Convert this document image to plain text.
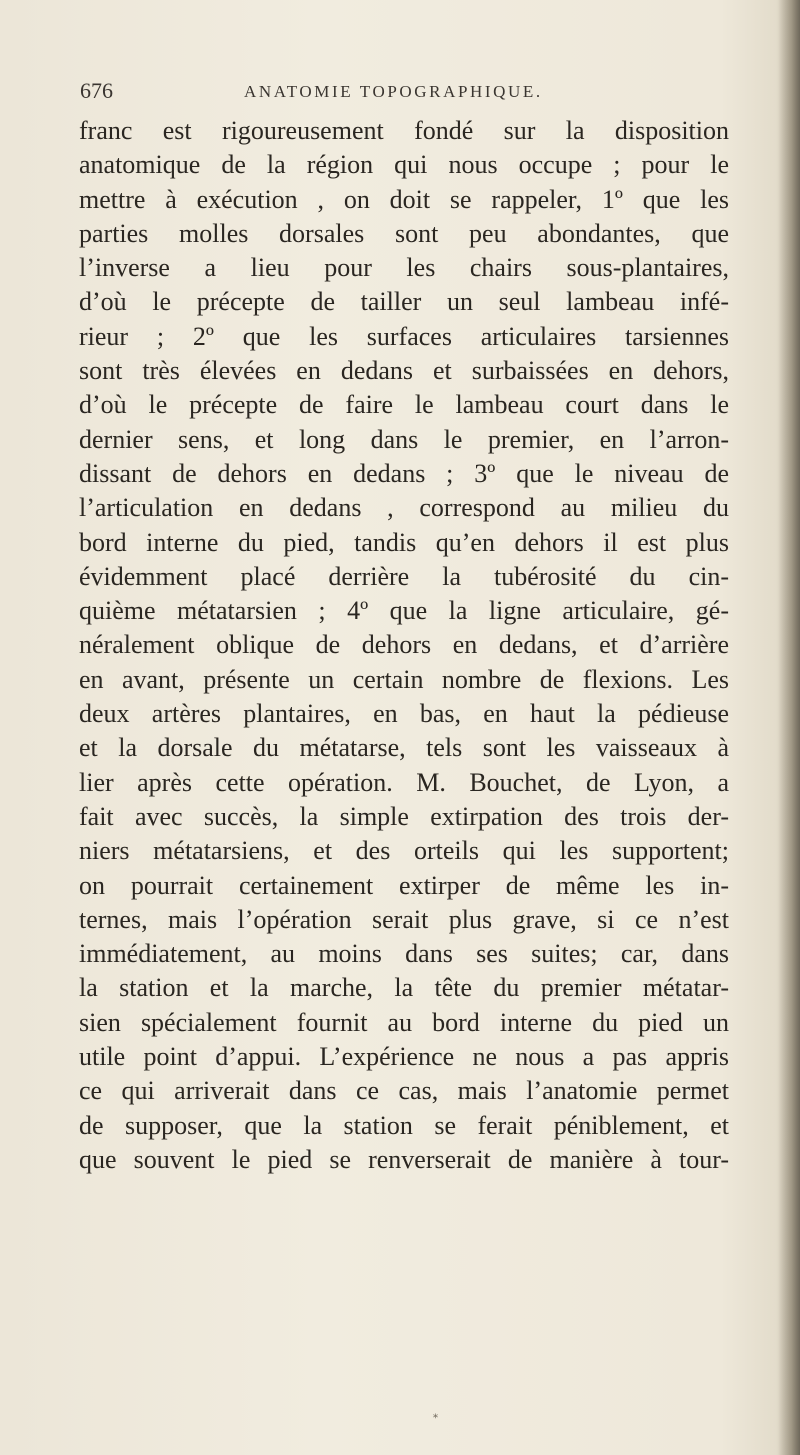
676	ANATOMIE TOPOGRAPHIQUE.
franc est rigoureusement fondé sur la disposition
anatomique de la région qui nous occupe ; pour le
mettre à exécution , on doit se rappeler, 1º que les
parties molles dorsales sont peu abondantes, que
l’inverse a lieu pour les chairs sous-plantaires,
d’où le précepte de tailler un seul lambeau infé-
rieur ; 2º que les surfaces articulaires tarsiennes
sont très élevées en dedans et surbaissées en dehors,
d’où le précepte de faire le lambeau court dans le
dernier sens, et long dans le premier, en l’arron-
dissant de dehors en dedans ; 3º que le niveau de
l’articulation en dedans , correspond au milieu du
bord interne du pied, tandis qu’en dehors il est plus
évidemment placé derrière la tubérosité du cin-
quième métatarsien ; 4º que la ligne articulaire, gé-
néralement oblique de dehors en dedans, et d’arrière
en avant, présente un certain nombre de flexions. Les
deux artères plantaires, en bas, en haut la pédieuse
et la dorsale du métatarse, tels sont les vaisseaux à
lier après cette opération. M. Bouchet, de Lyon, a
fait avec succès, la simple extirpation des trois der-
niers métatarsiens, et des orteils qui les supportent;
on pourrait certainement extirper de même les in-
ternes, mais l’opération serait plus grave, si ce n’est
immédiatement, au moins dans ses suites; car, dans
la station et la marche, la tête du premier métatar-
sien spécialement fournit au bord interne du pied un
utile point d’appui. L’expérience ne nous a pas appris
ce qui arriverait dans ce cas, mais l’anatomie permet
de supposer, que la station se ferait péniblement, et
que souvent le pied se renverserait de manière à tour-
*
